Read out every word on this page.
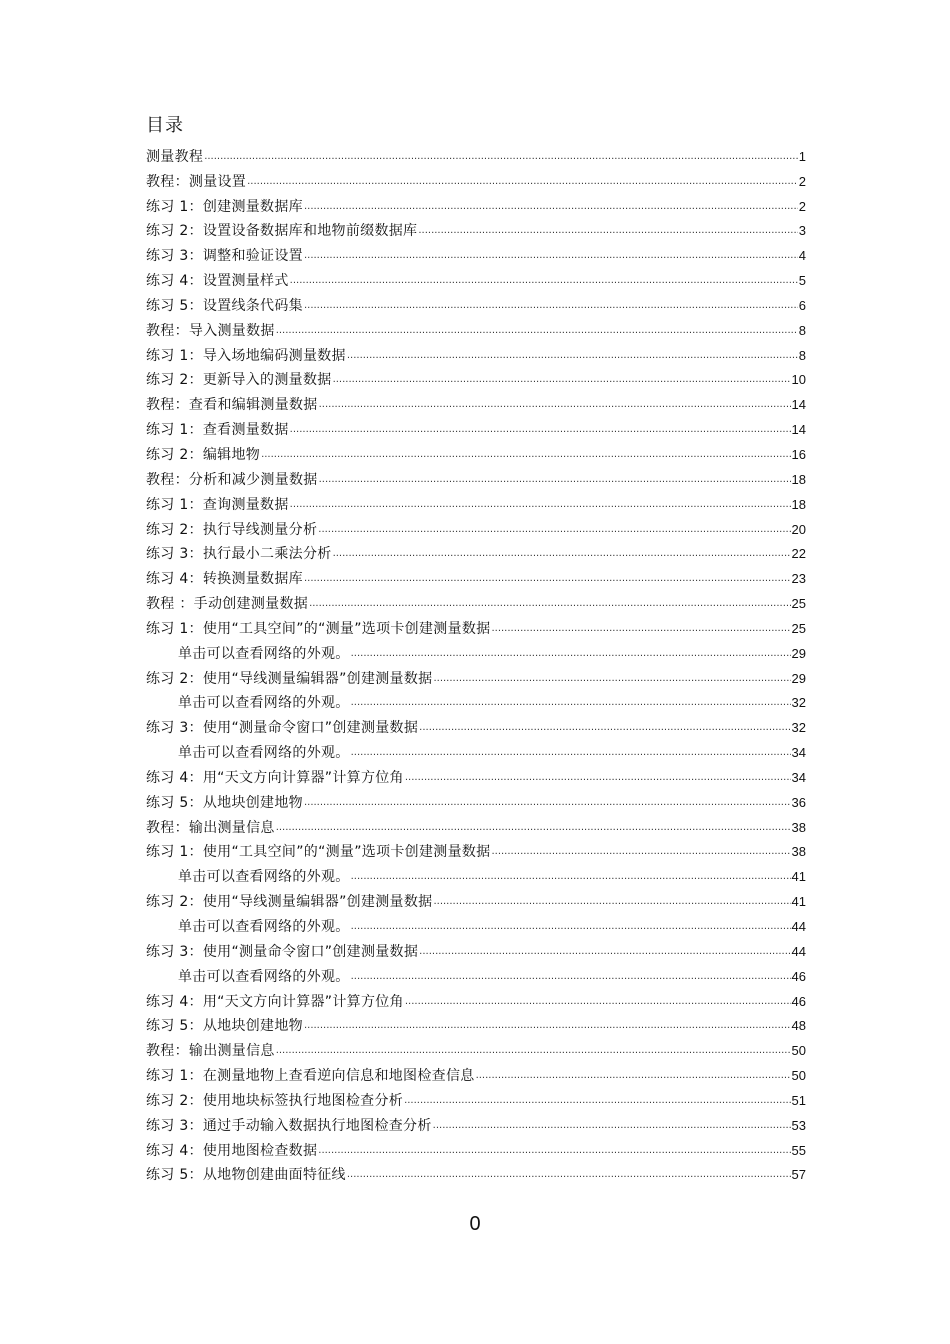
目录
测量教程 .....	1
教程：测量设置 .....	2
练习 1：创建测量数据库 .....	2
练习 2：设置设备数据库和地物前缀数据库 .....	3
练习 3：调整和验证设置 .....	4
练习 4：设置测量样式 .....	5
练习 5：设置线条代码集 .....	6
教程：导入测量数据 .....	8
练习 1：导入场地编码测量数据 .....	8
练习 2：更新导入的测量数据 .....	10
教程：查看和编辑测量数据 .....	14
练习 1：查看测量数据 .....	14
练习 2：编辑地物 .....	16
教程：分析和减少测量数据 .....	18
练习 1：查询测量数据 .....	18
练习 2：执行导线测量分析 .....	20
练习 3：执行最小二乘法分析 .....	22
练习 4：转换测量数据库 .....	23
教程 ：手动创建测量数据 .....	25
练习 1：使用“工具空间”的“测量”选项卡创建测量数据 .....	25
单击可以查看网络的外观。 .....	29
练习 2：使用“导线测量编辑器”创建测量数据 .....	29
单击可以查看网络的外观。 .....	32
练习 3：使用“测量命令窗口”创建测量数据 .....	32
单击可以查看网络的外观。 .....	34
练习 4：用“天文方向计算器”计算方位角 .....	34
练习 5：从地块创建地物 .....	36
教程：输出测量信息 .....	38
练习 1：使用“工具空间”的“测量”选项卡创建测量数据 .....	38
单击可以查看网络的外观。 .....	41
练习 2：使用“导线测量编辑器”创建测量数据 .....	41
单击可以查看网络的外观。 .....	44
练习 3：使用“测量命令窗口”创建测量数据 .....	44
单击可以查看网络的外观。 .....	46
练习 4：用“天文方向计算器”计算方位角 .....	46
练习 5：从地块创建地物 .....	48
教程：输出测量信息 .....	50
练习 1：在测量地物上查看逆向信息和地图检查信息 .....	50
练习 2：使用地块标签执行地图检查分析 .....	51
练习 3：通过手动输入数据执行地图检查分析 .....	53
练习 4：使用地图检查数据 .....	55
练习 5：从地物创建曲面特征线 .....	57
0
